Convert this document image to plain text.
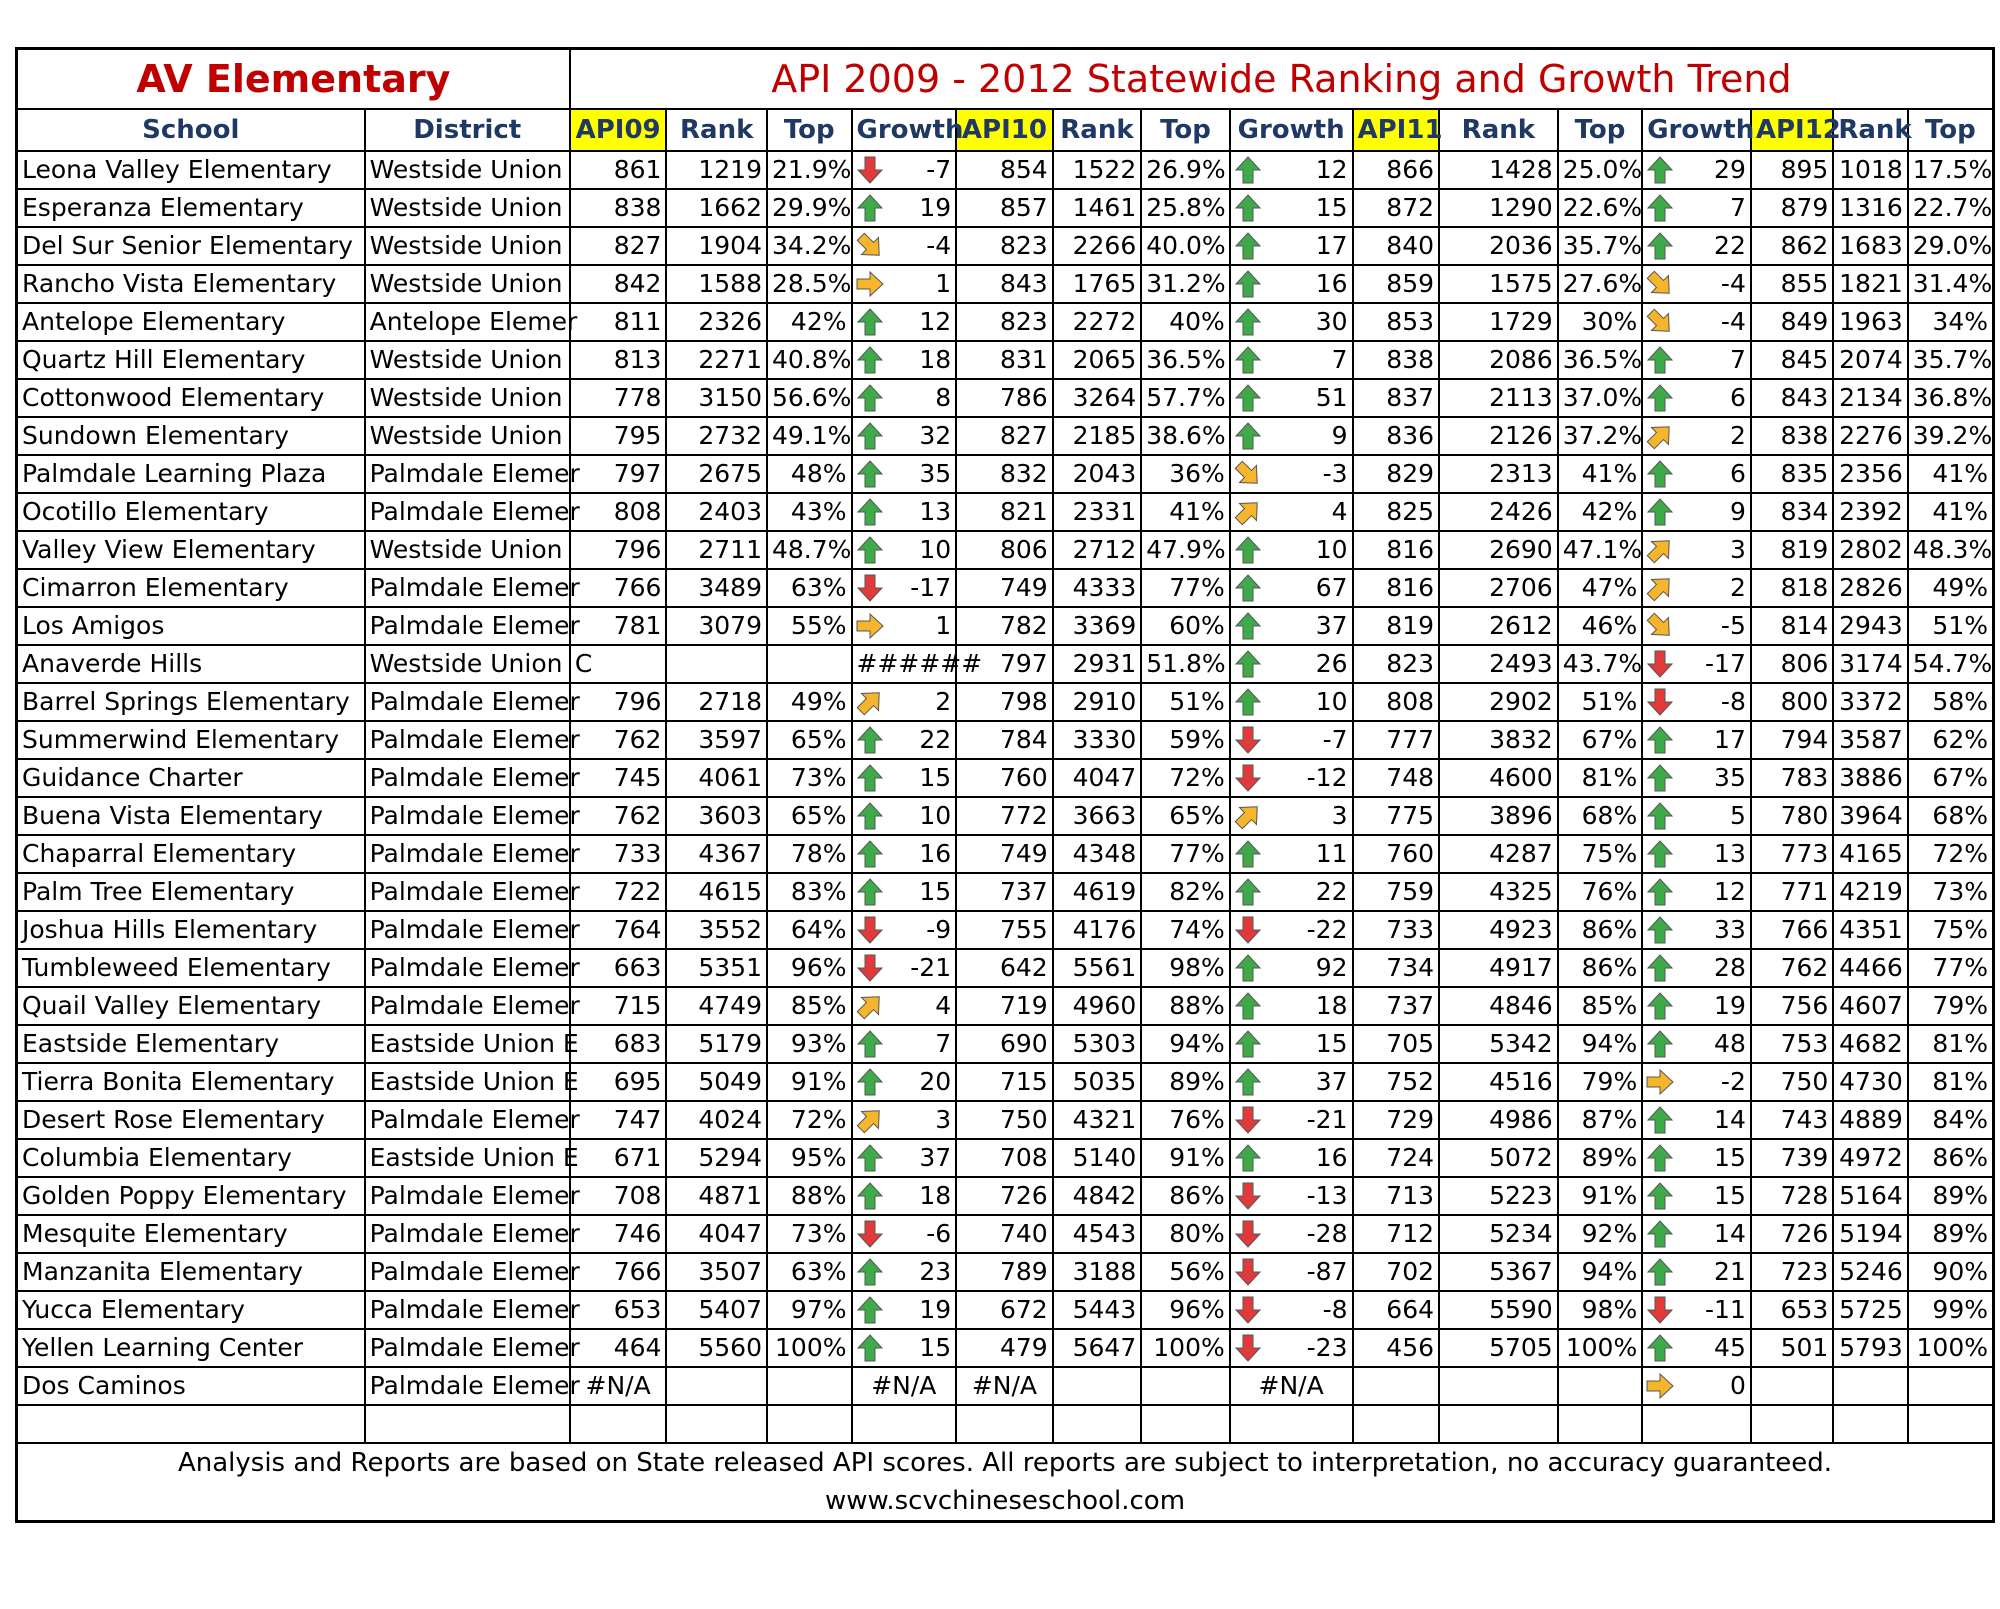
AV Elementary		API 2009 - 2012 Statewide Ranking and Growth Trend														
School	District	API09	Rank	Top	Growth	API10	Rank	Top	Growth	API11	Rank	Top	Growth	API12	Rank	Top
Leona Valley Elementary	Westside Union	861	1219	21.9%	-7	854	1522	26.9%	12	866	1428	25.0%	29	895	1018	17.5%
Esperanza Elementary	Westside Union	838	1662	29.9%	19	857	1461	25.8%	15	872	1290	22.6%	7	879	1316	22.7%
Del Sur Senior Elementary	Westside Union	827	1904	34.2%	-4	823	2266	40.0%	17	840	2036	35.7%	22	862	1683	29.0%
Rancho Vista Elementary	Westside Union	842	1588	28.5%	1	843	1765	31.2%	16	859	1575	27.6%	-4	855	1821	31.4%
Antelope Elementary	Antelope Elemer	811	2326	42%	12	823	2272	40%	30	853	1729	30%	-4	849	1963	34%
Quartz Hill Elementary	Westside Union	813	2271	40.8%	18	831	2065	36.5%	7	838	2086	36.5%	7	845	2074	35.7%
Cottonwood Elementary	Westside Union	778	3150	56.6%	8	786	3264	57.7%	51	837	2113	37.0%	6	843	2134	36.8%
Sundown Elementary	Westside Union	795	2732	49.1%	32	827	2185	38.6%	9	836	2126	37.2%	2	838	2276	39.2%
Palmdale Learning Plaza	Palmdale Elemer	797	2675	48%	35	832	2043	36%	-3	829	2313	41%	6	835	2356	41%
Ocotillo Elementary	Palmdale Elemer	808	2403	43%	13	821	2331	41%	4	825	2426	42%	9	834	2392	41%
Valley View Elementary	Westside Union	796	2711	48.7%	10	806	2712	47.9%	10	816	2690	47.1%	3	819	2802	48.3%
Cimarron Elementary	Palmdale Elemer	766	3489	63%	-17	749	4333	77%	67	816	2706	47%	2	818	2826	49%
Los Amigos	Palmdale Elemer	781	3079	55%	1	782	3369	60%	37	819	2612	46%	-5	814	2943	51%
Anaverde Hills	Westside Union	C			######	797	2931	51.8%	26	823	2493	43.7%	-17	806	3174	54.7%
Barrel Springs Elementary	Palmdale Elemer	796	2718	49%	2	798	2910	51%	10	808	2902	51%	-8	800	3372	58%
Summerwind Elementary	Palmdale Elemer	762	3597	65%	22	784	3330	59%	-7	777	3832	67%	17	794	3587	62%
Guidance Charter	Palmdale Elemer	745	4061	73%	15	760	4047	72%	-12	748	4600	81%	35	783	3886	67%
Buena Vista Elementary	Palmdale Elemer	762	3603	65%	10	772	3663	65%	3	775	3896	68%	5	780	3964	68%
Chaparral Elementary	Palmdale Elemer	733	4367	78%	16	749	4348	77%	11	760	4287	75%	13	773	4165	72%
Palm Tree Elementary	Palmdale Elemer	722	4615	83%	15	737	4619	82%	22	759	4325	76%	12	771	4219	73%
Joshua Hills Elementary	Palmdale Elemer	764	3552	64%	-9	755	4176	74%	-22	733	4923	86%	33	766	4351	75%
Tumbleweed Elementary	Palmdale Elemer	663	5351	96%	-21	642	5561	98%	92	734	4917	86%	28	762	4466	77%
Quail Valley Elementary	Palmdale Elemer	715	4749	85%	4	719	4960	88%	18	737	4846	85%	19	756	4607	79%
Eastside Elementary	Eastside Union E	683	5179	93%	7	690	5303	94%	15	705	5342	94%	48	753	4682	81%
Tierra Bonita Elementary	Eastside Union E	695	5049	91%	20	715	5035	89%	37	752	4516	79%	-2	750	4730	81%
Desert Rose Elementary	Palmdale Elemer	747	4024	72%	3	750	4321	76%	-21	729	4986	87%	14	743	4889	84%
Columbia Elementary	Eastside Union E	671	5294	95%	37	708	5140	91%	16	724	5072	89%	15	739	4972	86%
Golden Poppy Elementary	Palmdale Elemer	708	4871	88%	18	726	4842	86%	-13	713	5223	91%	15	728	5164	89%
Mesquite Elementary	Palmdale Elemer	746	4047	73%	-6	740	4543	80%	-28	712	5234	92%	14	726	5194	89%
Manzanita Elementary	Palmdale Elemer	766	3507	63%	23	789	3188	56%	-87	702	5367	94%	21	723	5246	90%
Yucca Elementary	Palmdale Elemer	653	5407	97%	19	672	5443	96%	-8	664	5590	98%	-11	653	5725	99%
Yellen Learning Center	Palmdale Elemer	464	5560	100%	15	479	5647	100%	-23	456	5705	100%	45	501	5793	100%
Dos Caminos	Palmdale Elemer	#N/A			#N/A	#N/A			#N/A				0			

Analysis and Reports are based on State released API scores. All reports are subject to interpretation, no accuracy guaranteed.
www.scvchineseschool.com																
